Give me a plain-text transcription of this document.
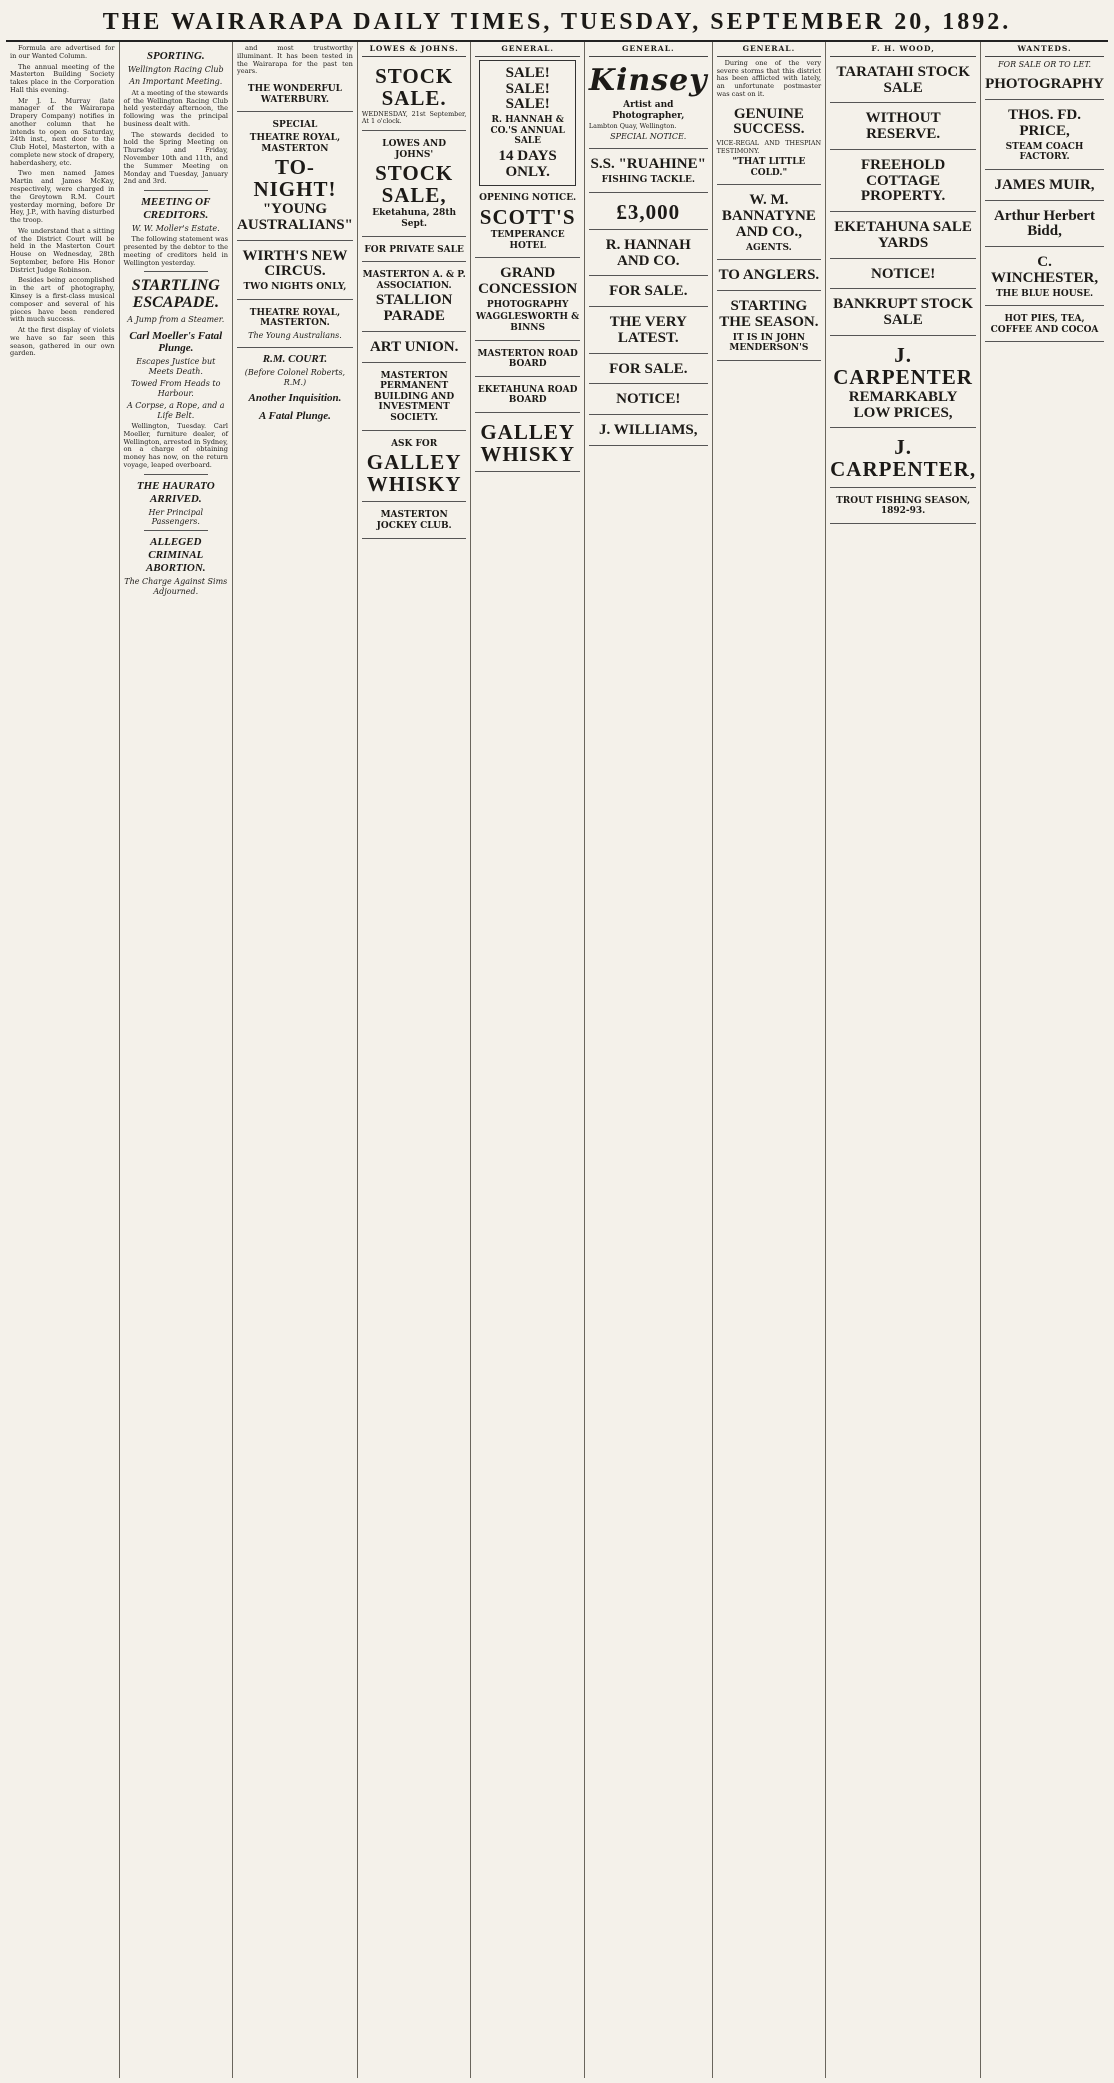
THE WAIRARAPA DAILY TIMES, TUESDAY, SEPTEMBER 20, 1892.

Formula are advertised for in our Wanted Column.

The annual meeting of the Masterton Building Society takes place in the Corporation Hall this evening.

Mr J. L. Murray (late manager of the Wairarapa Drapery Company) notifies in another column that he intends to open on Saturday, 24th inst., next door to the Club Hotel, Masterton, with a complete new stock of drapery, haberdashery, etc.

Two men named James Martin and James McKay, respectively, were charged in the Greytown R.M. Court yesterday morning, before Dr Hey, J.P., with having disturbed the troop.

We understand that a sitting of the District Court will be held in the Masterton Court House on Wednesday, 28th September, before His Honor District Judge Robinson.

Besides being accomplished in the art of photography, Kinsey is a first-class musical composer and several of his pieces have been rendered with much success.

At the first display of violets we have so far seen this season, gathered in our own garden.

SPORTING.
Wellington Racing Club
An Important Meeting.

At a meeting of the stewards of the Wellington Racing Club held yesterday afternoon, the following was the principal business dealt with.

The stewards decided to hold the Spring Meeting on Thursday and Friday, November 10th and 11th, and the Summer Meeting on Monday and Tuesday, January 2nd and 3rd.

MEETING OF CREDITORS.
W. W. Moller's Estate.

The following statement was presented by the debtor to the meeting of creditors held in Wellington yesterday.

STARTLING ESCAPADE.
A Jump from a Steamer.
Carl Moeller's Fatal Plunge.
Escapes Justice but Meets Death.
Towed From Heads to Harbour.
A Corpse, a Rope, and a Life Belt.

Wellington, Tuesday. Carl Moeller, furniture dealer, of Wellington, arrested in Sydney, on a charge of obtaining money has now, on the return voyage, leaped overboard.

THE HAURATO ARRIVED.
Her Principal Passengers.
ALLEGED CRIMINAL ABORTION.
The Charge Against Sims Adjourned.

and most trustworthy illuminant. It has been tested in the Wairarapa for the past ten years.

THE WONDERFUL WATERBURY.
SPECIAL
THEATRE ROYAL, MASTERTON
TO-NIGHT!
"YOUNG AUSTRALIANS"
WIRTH'S NEW CIRCUS.
TWO NIGHTS ONLY,
THEATRE ROYAL, MASTERTON.
The Young Australians.
R.M. COURT.
(Before Colonel Roberts, R.M.)
Another Inquisition.
A Fatal Plunge.
LOWES & JOHNS.
STOCK SALE.
WEDNESDAY, 21st September, At 1 o'clock.
LOWES AND JOHNS'
STOCK SALE,
Eketahuna, 28th Sept.
FOR PRIVATE SALE
MASTERTON A. & P. ASSOCIATION.
STALLION PARADE
ART UNION.
MASTERTON PERMANENT BUILDING AND INVESTMENT SOCIETY.
ASK FOR
GALLEY WHISKY
MASTERTON JOCKEY CLUB.
GENERAL.
SALE! SALE! SALE!
R. HANNAH & CO.'S ANNUAL SALE
14 DAYS ONLY.
OPENING NOTICE.
SCOTT'S
TEMPERANCE HOTEL
GRAND CONCESSION
PHOTOGRAPHY
WAGGLESWORTH & BINNS
MASTERTON ROAD BOARD
EKETAHUNA ROAD BOARD
GALLEY WHISKY
GENERAL.
Kinsey
Artist and Photographer,
Lambton Quay, Wellington.
SPECIAL NOTICE.
S.S. "RUAHINE"
FISHING TACKLE.
£3,000
R. HANNAH AND CO.
FOR SALE.
THE VERY LATEST.
FOR SALE.
NOTICE!
J. WILLIAMS,
GENERAL.

During one of the very severe storms that this district has been afflicted with lately, an unfortunate postmaster was cast on it.

GENUINE SUCCESS.
VICE-REGAL AND THESPIAN TESTIMONY.
"THAT LITTLE COLD."
W. M. BANNATYNE AND CO.,
AGENTS.
TO ANGLERS.
STARTING THE SEASON.
IT IS IN JOHN MENDERSON'S
F. H. WOOD,
TARATAHI STOCK SALE
WITHOUT RESERVE.
FREEHOLD COTTAGE PROPERTY.
EKETAHUNA SALE YARDS
NOTICE!
BANKRUPT STOCK SALE
J. CARPENTER
REMARKABLY LOW PRICES,
J. CARPENTER,
TROUT FISHING SEASON, 1892-93.
WANTEDS.
FOR SALE OR TO LET.
PHOTOGRAPHY
THOS. FD. PRICE,
STEAM COACH FACTORY.
JAMES MUIR,
Arthur Herbert Bidd,
C. WINCHESTER,
THE BLUE HOUSE.
HOT PIES, TEA, COFFEE AND COCOA
